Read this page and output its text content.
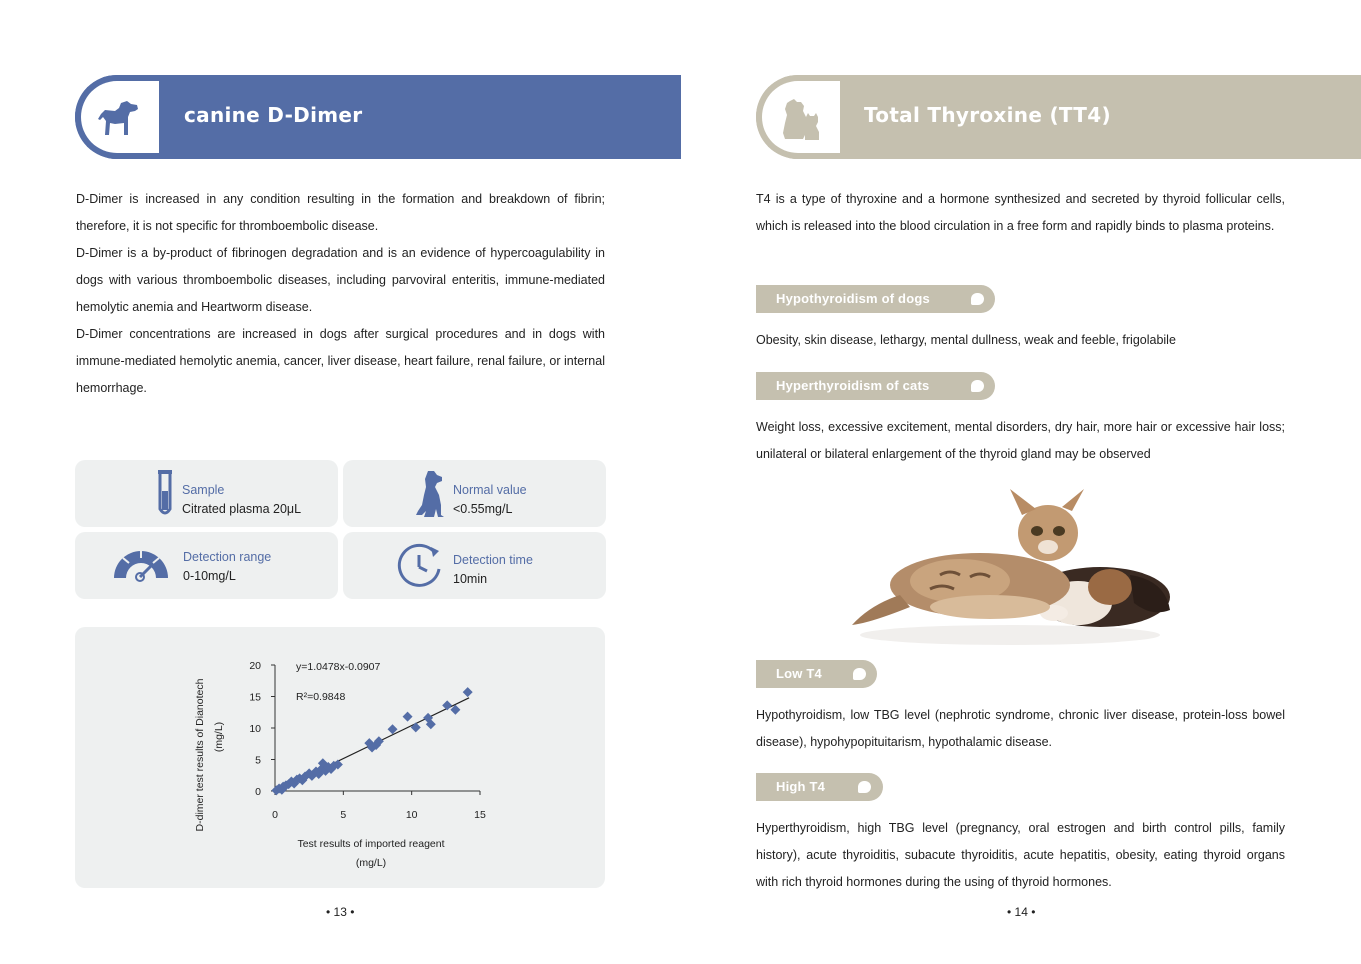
canine D-Dimer

D-Dimer is increased in any condition resulting in the formation and breakdown of fibrin; therefore, it is not specific for thromboembolic disease.

D-Dimer is a by-product of fibrinogen degradation and is an evidence of hypercoagulability in dogs with various thromboembolic diseases, including parvoviral enteritis, immune-mediated hemolytic anemia and Heartworm disease.

D-Dimer concentrations are increased in dogs after surgical procedures and in dogs with immune-mediated hemolytic anemia, cancer, liver disease, heart failure, renal failure, or internal hemorrhage.

Sample
Citrated plasma 20μL
Normal value
<0.55mg/L
Detection range
0-10mg/L
Detection time
10min
0	5	10	15
0
5
10
15
20	y=1.0478x-0.0907
R²=0.9848
Test results of imported reagent
(mg/L)
D-dimer test results of Dianotech (mg/L)
• 13 •
Total Thyroxine (TT4)
T4 is a type of thyroxine and a hormone synthesized and secreted by thyroid follicular cells, which is released into the blood circulation in a free form and rapidly binds to plasma proteins.
Hypothyroidism of dogs
Obesity, skin disease, lethargy, mental dullness, weak and feeble, frigolabile
Hyperthyroidism of cats
Weight loss, excessive excitement, mental disorders, dry hair, more hair or excessive hair loss; unilateral or bilateral enlargement of the thyroid gland may be observed
Low T4
Hypothyroidism, low TBG level (nephrotic syndrome, chronic liver disease, protein-loss bowel disease), hypohypopituitarism, hypothalamic disease.
High T4
Hyperthyroidism, high TBG level (pregnancy, oral estrogen and birth control pills, family history), acute thyroiditis, subacute thyroiditis, acute hepatitis, obesity, eating thyroid organs with rich thyroid hormones during the using of thyroid hormones.
• 14 •
